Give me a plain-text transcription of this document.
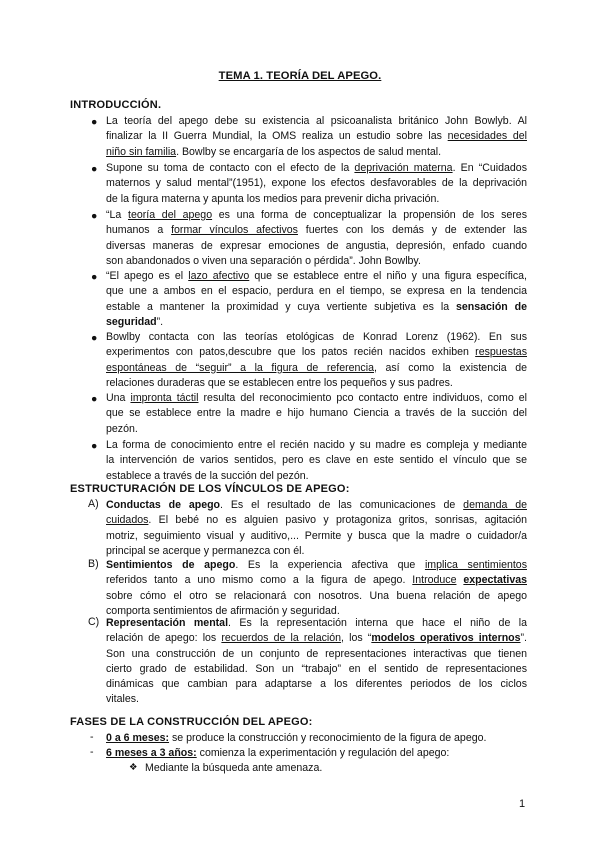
TEMA 1. TEORÍA DEL APEGO.
INTRODUCCIÓN.
● La teoría del apego debe su existencia al psicoanalista británico John Bowlyb. Al
finalizar la II Guerra Mundial, la OMS realiza un estudio sobre las necesidades del
niño sin familia. Bowlby se encargaría de los aspectos de salud mental.
● Supone su toma de contacto con el efecto de la deprivación materna. En “Cuidados
maternos y salud mental”(1951), expone los efectos desfavorables de la deprivación
de la figura materna y apunta los medios para prevenir dicha privación.
● “La teoría del apego es una forma de conceptualizar la propensión de los seres
humanos a formar vínculos afectivos fuertes con los demás y de extender las
diversas maneras de expresar emociones de angustia, depresión, enfado cuando
son abandonados o viven una separación o pérdida”. John Bowlby.
● “El apego es el lazo afectivo que se establece entre el niño y una figura específica,
que une a ambos en el espacio, perdura en el tiempo, se expresa en la tendencia
estable a mantener la proximidad y cuya vertiente subjetiva es la sensación de
seguridad”.
● Bowlby contacta con las teorías etológicas de Konrad Lorenz (1962). En sus
experimentos con patos,descubre que los patos recién nacidos exhiben respuestas
espontáneas de “seguir” a la figura de referencia, así como la existencia de
relaciones duraderas que se establecen entre los pequeños y sus padres.
● Una impronta táctil resulta del reconocimiento pco contacto entre individuos, como el
que se establece entre la madre e hijo humano Ciencia a través de la succión del
pezón.
● La forma de conocimiento entre el recién nacido y su madre es compleja y mediante
la intervención de varios sentidos, pero es clave en este sentido el vínculo que se
establece a través de la succión del pezón.
ESTRUCTURACIÓN DE LOS VÍNCULOS DE APEGO:
A) Conductas de apego. Es el resultado de las comunicaciones de demanda de
cuidados. El bebé no es alguien pasivo y protagoniza gritos, sonrisas, agitación
motriz, seguimiento visual y auditivo,... Permite y busca que la madre o cuidador/a
principal se acerque y permanezca con él.
B) Sentimientos de apego. Es la experiencia afectiva que implica sentimientos
referidos tanto a uno mismo como a la figura de apego. Introduce expectativas
sobre cómo el otro se relacionará con nosotros. Una buena relación de apego
comporta sentimientos de afirmación y seguridad.
C) Representación mental. Es la representación interna que hace el niño de la
relación de apego: los recuerdos de la relación, los “modelos operativos internos”.
Son una construcción de un conjunto de representaciones interactivas que tienen
cierto grado de estabilidad. Son un “trabajo” en el sentido de representaciones
dinámicas que cambian para adaptarse a los diferentes periodos de los ciclos
vitales.
FASES DE LA CONSTRUCCIÓN DEL APEGO:
- 0 a 6 meses: se produce la construcción y reconocimiento de la figura de apego.
- 6 meses a 3 años: comienza la experimentación y regulación del apego:
❖ Mediante la búsqueda ante amenaza.
1
